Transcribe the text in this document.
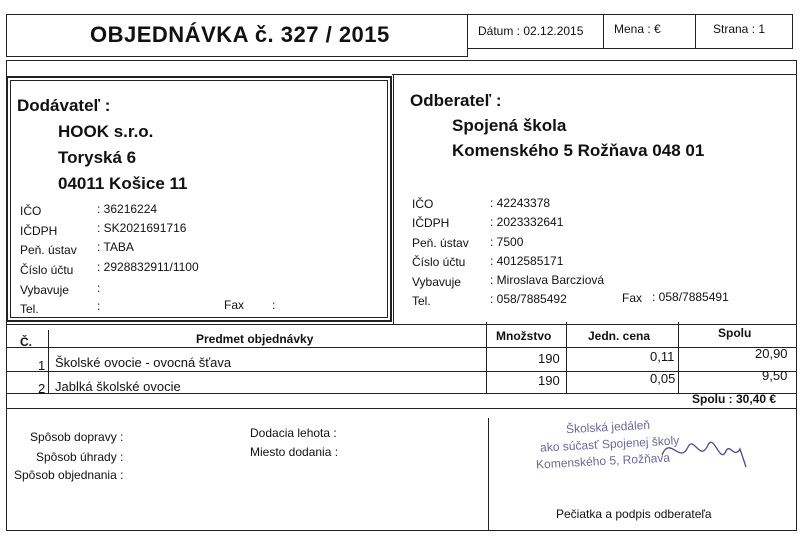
OBJEDNÁVKA č. 327 / 2015	Dátum : 02.12.2015	Mena : €	Strana : 1
Dodávateľ :
HOOK s.r.o.
Toryská 6
04011 Košice 11
IČO	: 36216224
IČDPH	: SK2021691716
Peň. ústav : TABA
Číslo účtu : 2928832911/1100
Vybavuje :
Tel.	:	Fax :
Odberateľ :
Spojená škola
Komenského 5 Rožňava 048 01
IČO	: 42243378
IČDPH	: 2023332641
Peň. ústav : 7500
Číslo účtu : 4012585171
Vybavuje : Miroslava Barcziová
Tel.	: 058/7885492	Fax : 058/7885491
Č.	Predmet objednávky	Množstvo	Jedn. cena	Spolu
1 Školské ovocie - ovocná šťava	190	0,11	20,90
2 Jablká školské ovocie	190	0,05	9,50
Spolu : 30,40 €
Spôsob dopravy :
Spôsob úhrady :
Spôsob objednania :
Dodacia lehota :
Miesto dodania :
Školská jedáleň
ako súčasť Spojenej školy
Komenského 5, Rožňava
Pečiatka a podpis odberateľa
